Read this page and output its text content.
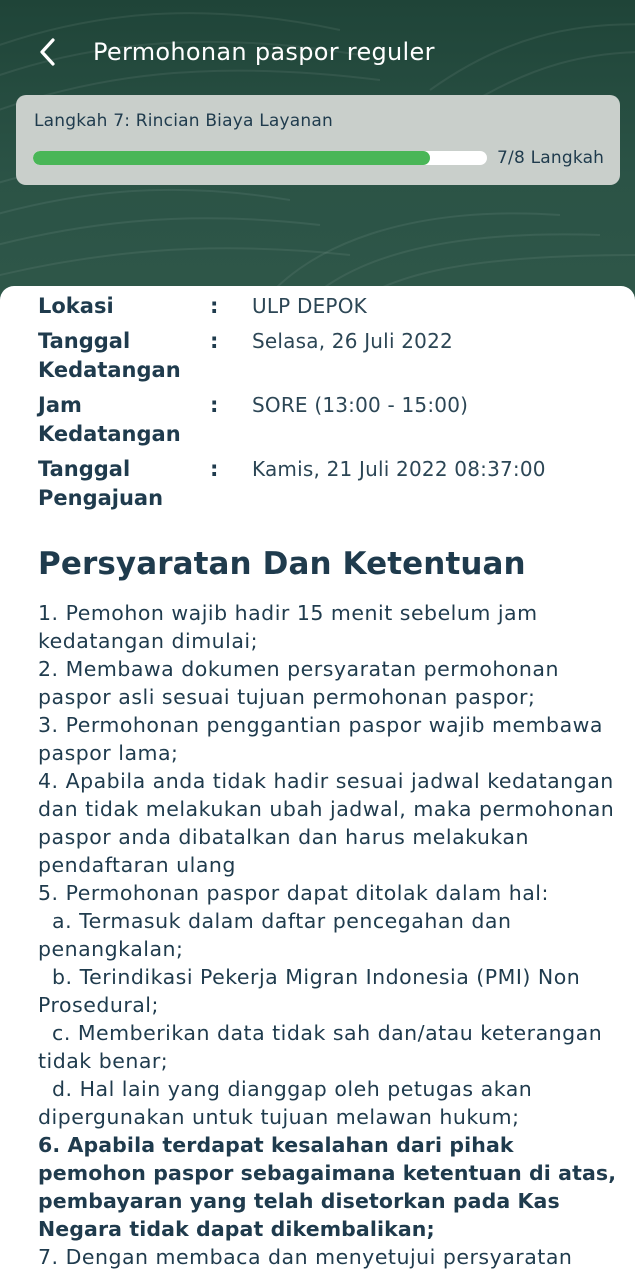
Permohonan paspor reguler
Langkah 7: Rincian Biaya Layanan
7/8 Langkah
Lokasi	:	ULP DEPOK
Tanggal
Kedatangan
:	Selasa, 26 Juli 2022
Jam
Kedatangan
:	SORE (13:00 - 15:00)
Tanggal
Pengajuan
:	Kamis, 21 Juli 2022 08:37:00
Persyaratan Dan Ketentuan
1. Pemohon wajib hadir 15 menit sebelum jam kedatangan dimulai;
2. Membawa dokumen persyaratan permohonan paspor asli sesuai tujuan permohonan paspor;
3. Permohonan penggantian paspor wajib membawa paspor lama;
4. Apabila anda tidak hadir sesuai jadwal kedatangan dan tidak melakukan ubah jadwal, maka permohonan paspor anda dibatalkan dan harus melakukan pendaftaran ulang
5. Permohonan paspor dapat ditolak dalam hal:
a. Termasuk dalam daftar pencegahan dan penangkalan;
b. Terindikasi Pekerja Migran Indonesia (PMI) Non Prosedural;
c. Memberikan data tidak sah dan/atau keterangan tidak benar;
d. Hal lain yang dianggap oleh petugas akan dipergunakan untuk tujuan melawan hukum;
6. Apabila terdapat kesalahan dari pihak pemohon paspor sebagaimana ketentuan di atas, pembayaran yang telah disetorkan pada Kas Negara tidak dapat dikembalikan;
7. Dengan membaca dan menyetujui persyaratan
